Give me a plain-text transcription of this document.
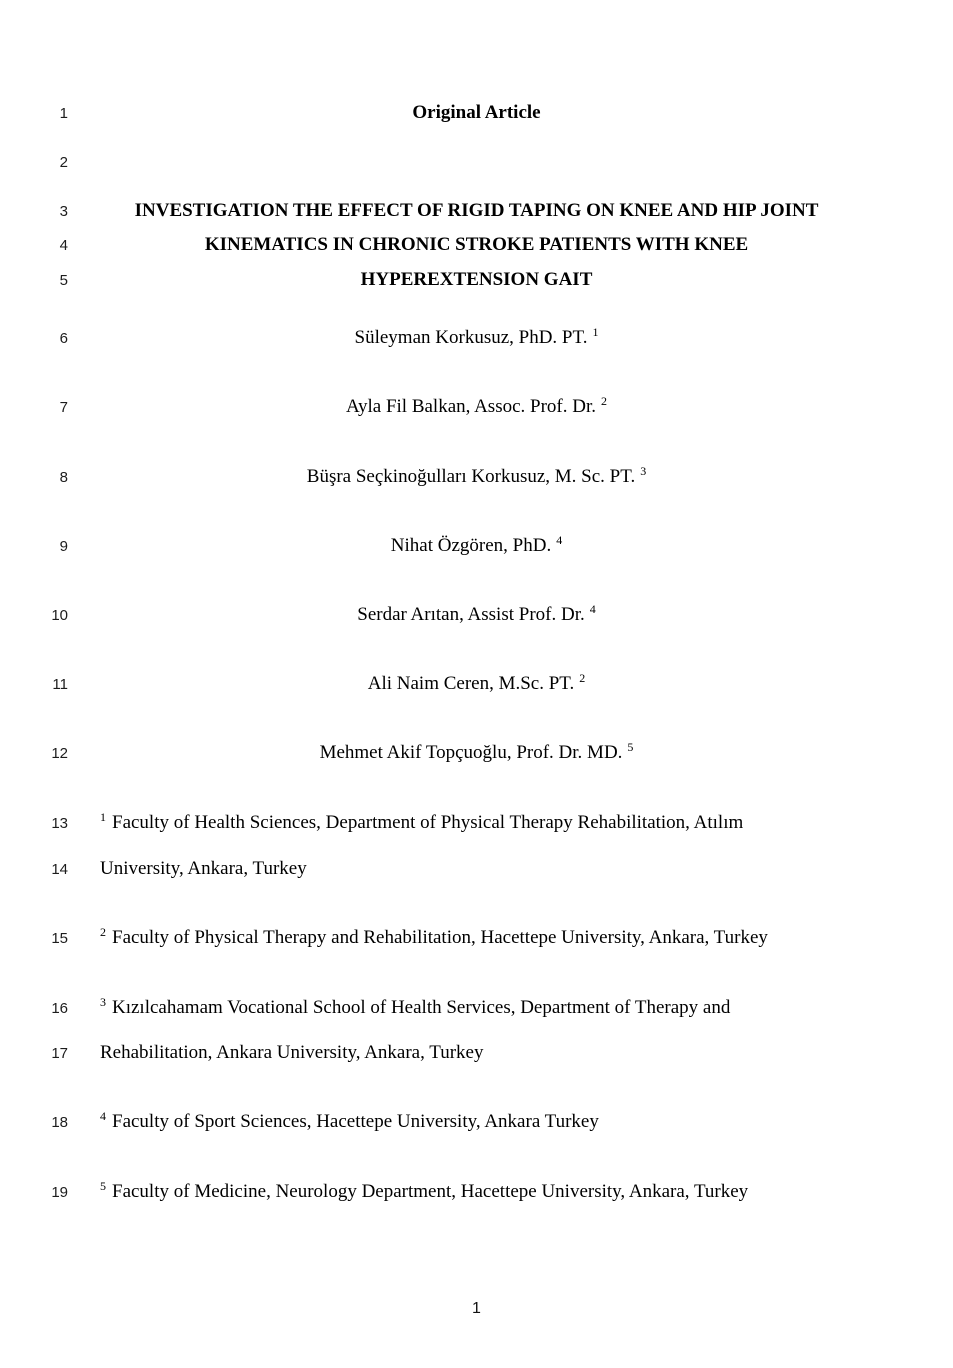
1	Original Article
2
3	INVESTIGATION THE EFFECT OF RIGID TAPING ON KNEE AND HIP JOINT
4	KINEMATICS IN CHRONIC STROKE PATIENTS WITH KNEE
5	HYPEREXTENSION GAIT
6	Süleyman Korkusuz, PhD. PT. $^1$
7	Ayla Fil Balkan, Assoc. Prof. Dr. $^2$
8	Büşra Seçkinoğulları Korkusuz, M. Sc. PT. $^3$
9	Nihat Özgören, PhD. $^4$
10	Serdar Arıtan, Assist Prof. Dr. $^4$
11	Ali Naim Ceren, M.Sc. PT. $^2$
12	Mehmet Akif Topçuoğlu, Prof. Dr. MD. $^5$
13	$^1$ Faculty of Health Sciences, Department of Physical Therapy Rehabilitation, Atılım
14 University, Ankara, Turkey
15	$^2$ Faculty of Physical Therapy and Rehabilitation, Hacettepe University, Ankara, Turkey
16	$^3$ Kızılcahamam Vocational School of Health Services, Department of Therapy and
17 Rehabilitation, Ankara University, Ankara, Turkey
18	$^4$ Faculty of Sport Sciences, Hacettepe University, Ankara Turkey
19	$^5$ Faculty of Medicine, Neurology Department, Hacettepe University, Ankara, Turkey
1
